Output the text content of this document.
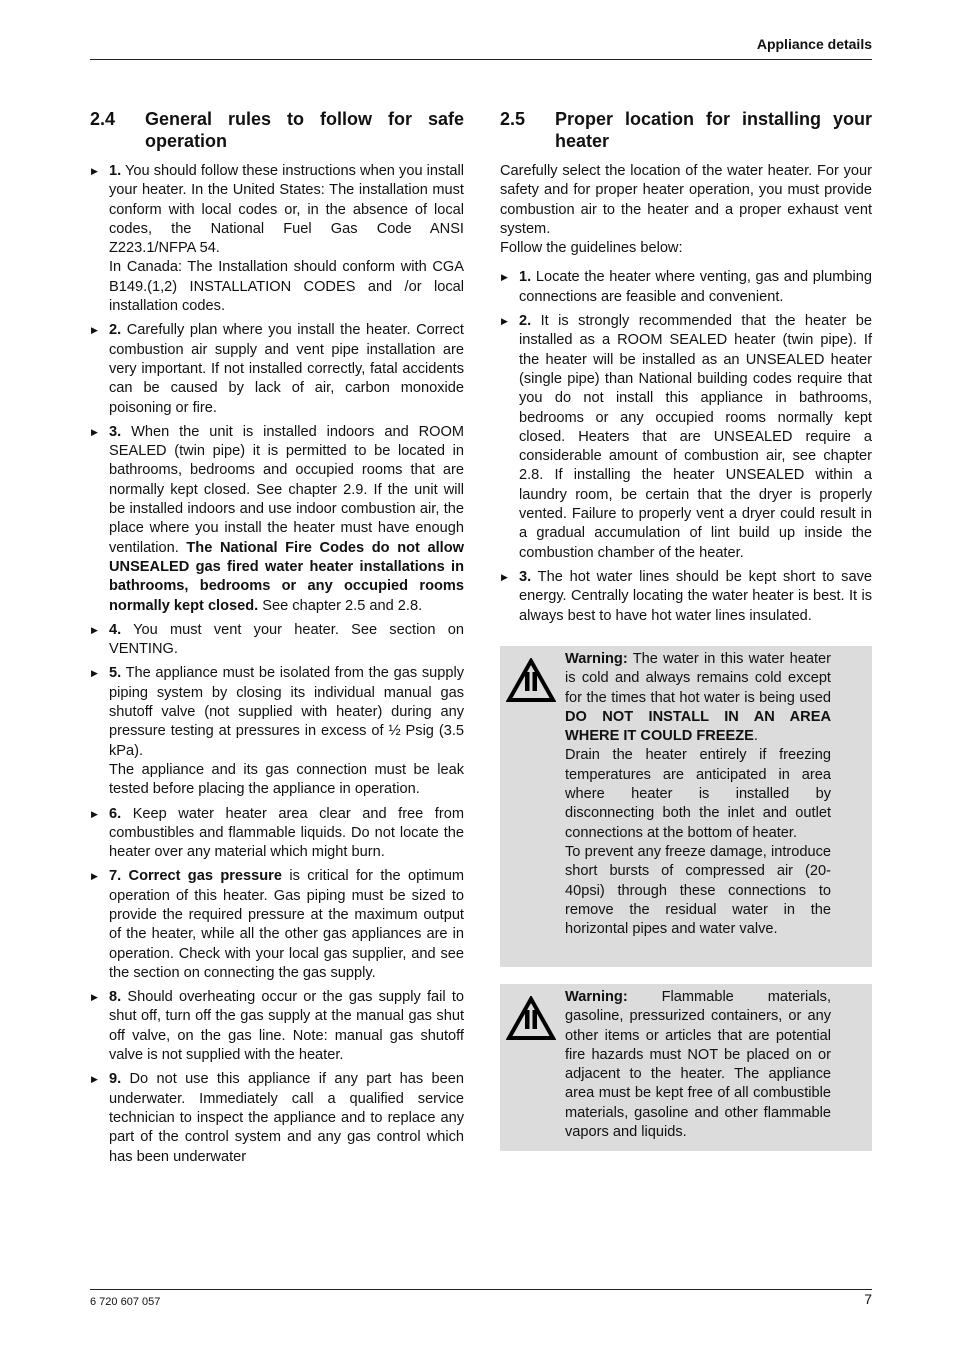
Appliance details
2.4	General rules to follow for safe operation
▶ 1. You should follow these instructions when you install your heater. In the United States: The installation must conform with local codes or, in the absence of local codes, the National Fuel Gas Code ANSI Z223.1/NFPA 54.

In Canada: The Installation should conform with CGA B149.(1,2) INSTALLATION CODES and /or local installation codes.

▶ 2. Carefully plan where you install the heater. Correct combustion air supply and vent pipe installation are very important. If not installed correctly, fatal accidents can be caused by lack of air, carbon monoxide poisoning or fire.

▶ 3. When the unit is installed indoors and ROOM SEALED (twin pipe) it is permitted to be located in bathrooms, bedrooms and occupied rooms that are normally kept closed. See chapter 2.9. If the unit will be installed indoors and use indoor combustion air, the place where you install the heater must have enough ventilation. The National Fire Codes do not allow UNSEALED gas fired water heater installations in bathrooms, bedrooms or any occupied rooms normally kept closed. See chapter 2.5 and 2.8.

▶ 4. You must vent your heater. See section on VENTING.

▶ 5. The appliance must be isolated from the gas supply piping system by closing its individual manual gas shutoff valve (not supplied with heater) during any pressure testing at pressures in excess of ½ Psig (3.5 kPa).

The appliance and its gas connection must be leak tested before placing the appliance in operation.

▶ 6. Keep water heater area clear and free from combustibles and flammable liquids. Do not locate the heater over any material which might burn.

▶ 7. Correct gas pressure is critical for the optimum operation of this heater. Gas piping must be sized to provide the required pressure at the maximum output of the heater, while all the other gas appliances are in operation. Check with your local gas supplier, and see the section on connecting the gas supply.

▶ 8. Should overheating occur or the gas supply fail to shut off, turn off the gas supply at the manual gas shut off valve, on the gas line. Note: manual gas shutoff valve is not supplied with the heater.

▶ 9. Do not use this appliance if any part has been underwater. Immediately call a qualified service technician to inspect the appliance and to replace any part of the control system and any gas control which has been underwater

2.5	Proper location for installing your heater

Carefully select the location of the water heater. For your safety and for proper heater operation, you must provide combustion air to the heater and a proper exhaust vent system.

Follow the guidelines below:

▶ 1. Locate the heater where venting, gas and plumbing connections are feasible and convenient.

▶ 2. It is strongly recommended that the heater be installed as a ROOM SEALED heater (twin pipe). If the heater will be installed as an UNSEALED heater (single pipe) than National building codes require that you do not install this appliance in bathrooms, bedrooms or any occupied rooms normally kept closed. Heaters that are UNSEALED require a considerable amount of combustion air, see chapter 2.8. If installing the heater UNSEALED within a laundry room, be certain that the dryer is properly vented. Failure to properly vent a dryer could result in a gradual accumulation of lint build up inside the combustion chamber of the heater.

▶ 3. The hot water lines should be kept short to save energy. Centrally locating the water heater is best. It is always best to have hot water lines insulated.

Warning: The water in this water heater is cold and always remains cold except for the times that hot water is being used DO NOT INSTALL IN AN AREA WHERE IT COULD FREEZE.

Drain the heater entirely if freezing temperatures are anticipated in area where heater is installed by disconnecting both the inlet and outlet connections at the bottom of heater.

To prevent any freeze damage, introduce short bursts of compressed air (20-40psi) through these connections to remove the residual water in the horizontal pipes and water valve.

Warning: Flammable materials, gasoline, pressurized containers, or any other items or articles that are potential fire hazards must NOT be placed on or adjacent to the heater. The appliance area must be kept free of all combustible materials, gasoline and other flammable vapors and liquids.

6 720 607 057	7
